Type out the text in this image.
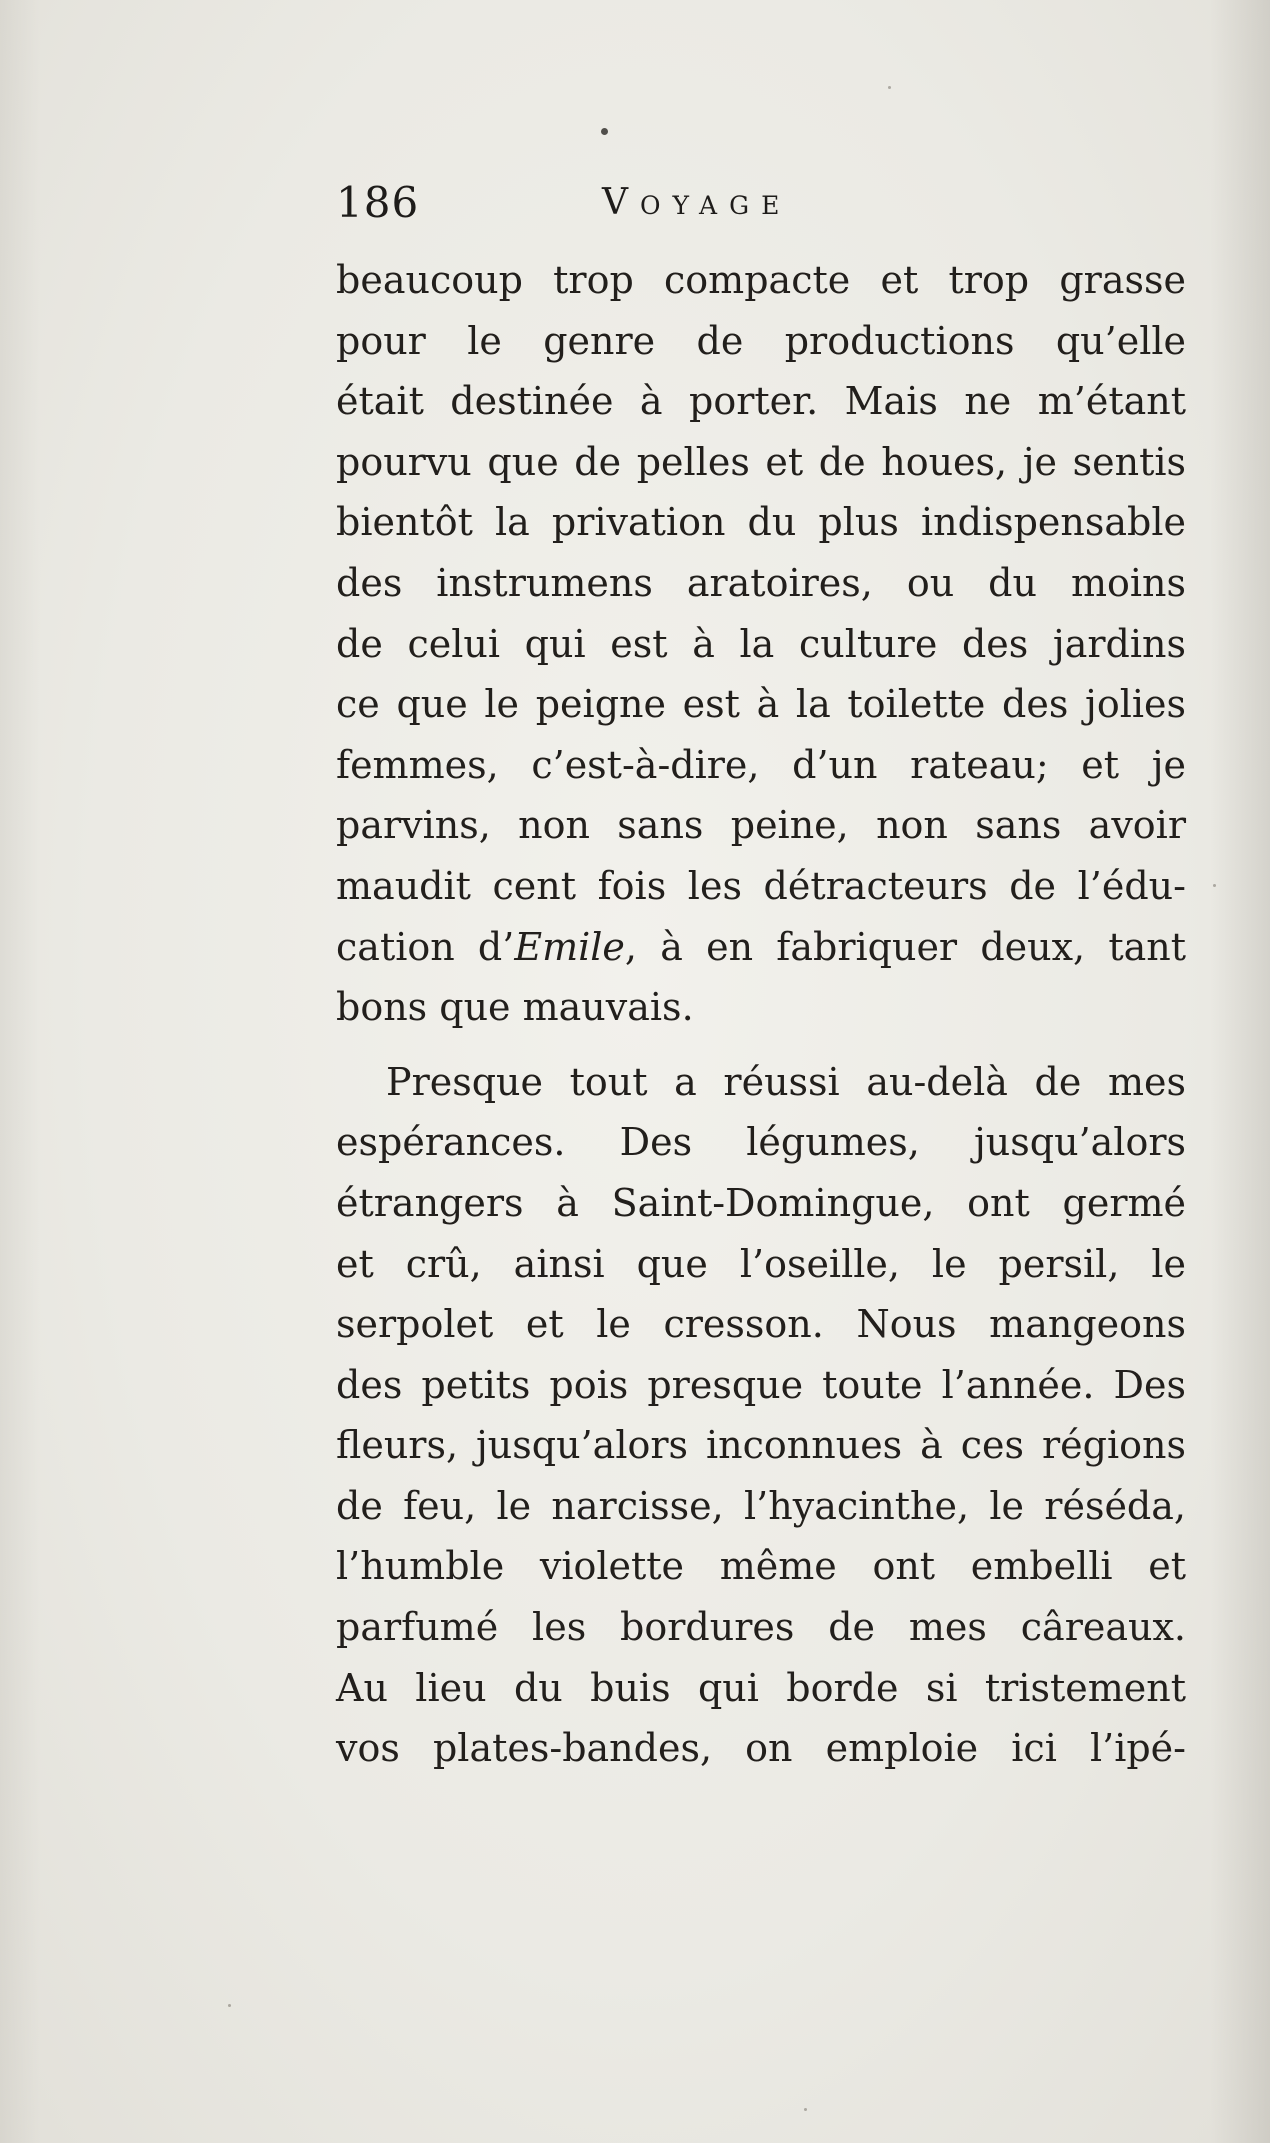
186	Voyage
beaucoup trop compacte et trop grasse
pour le genre de productions qu’elle
était destinée à porter. Mais ne m’étant
pourvu que de pelles et de houes, je sentis
bientôt la privation du plus indispensable
des instrumens aratoires, ou du moins
de celui qui est à la culture des jardins
ce que le peigne est à la toilette des jolies
femmes, c’est-à-dire, d’un rateau; et je
parvins, non sans peine, non sans avoir
maudit cent fois les détracteurs de l’édu-
cation d’Emile, à en fabriquer deux, tant
bons que mauvais.
Presque tout a réussi au-delà de mes
espérances. Des légumes, jusqu’alors
étrangers à Saint-Domingue, ont germé
et crû, ainsi que l’oseille, le persil, le
serpolet et le cresson. Nous mangeons
des petits pois presque toute l’année. Des
fleurs, jusqu’alors inconnues à ces régions
de feu, le narcisse, l’hyacinthe, le réséda,
l’humble violette même ont embelli et
parfumé les bordures de mes câreaux.
Au lieu du buis qui borde si tristement
vos plates-bandes, on emploie ici l’ipé-
